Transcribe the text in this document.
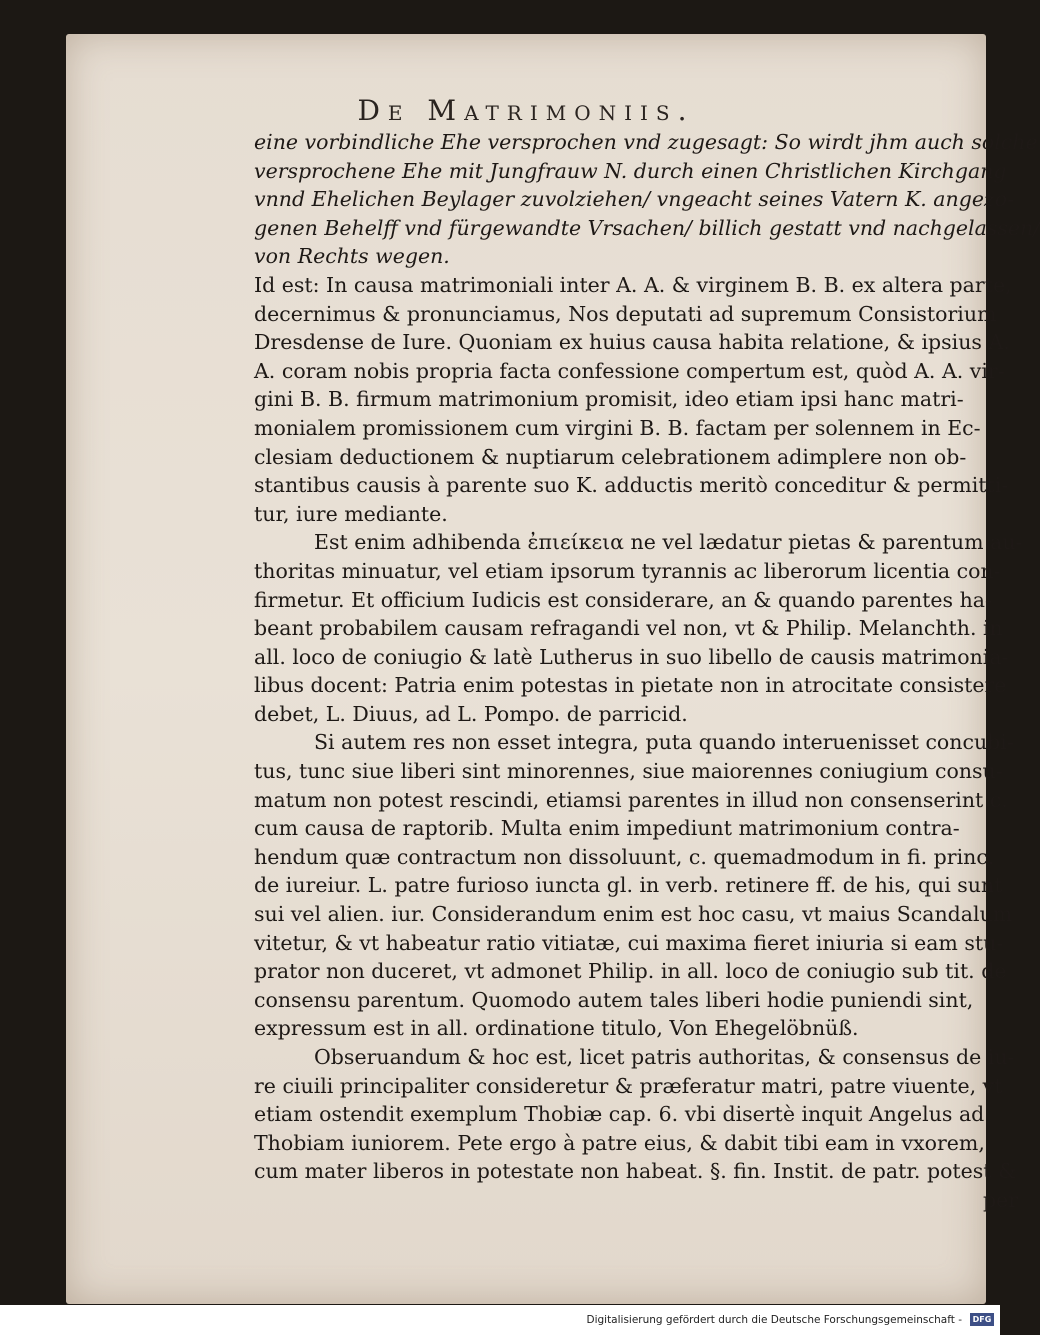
De Matrimoniis.
eine vorbindliche Ehe versprochen vnd zugesagt: So wirdt jhm auch solche
versprochene Ehe mit Jungfrauw N. durch einen Christlichen Kirchgang
vnnd Ehelichen Beylager zuvolziehen/ vngeacht seines Vatern K. angezo-
genen Behelff vnd fürgewandte Vrsachen/ billich gestatt vnd nachgelassen/
von Rechts wegen.
Id est: In causa matrimoniali inter A. A. & virginem B. B. ex altera parte,
decernimus & pronunciamus, Nos deputati ad supremum Consistorium
Dresdense de Iure. Quoniam ex huius causa habita relatione, & ipsius A.
A. coram nobis propria facta confessione compertum est, quòd A. A. vir-
gini B. B. firmum matrimonium promisit, ideo etiam ipsi hanc matri-
monialem promissionem cum virgini B. B. factam per solennem in Ec-
clesiam deductionem & nuptiarum celebrationem adimplere non ob-
stantibus causis à parente suo K. adductis meritò conceditur & permitti-
tur, iure mediante.
Est enim adhibenda ἐπιείκεια ne vel lædatur pietas & parentum au-
thoritas minuatur, vel etiam ipsorum tyrannis ac liberorum licentia con-
firmetur. Et officium Iudicis est considerare, an & quando parentes ha-
beant probabilem causam refragandi vel non, vt & Philip. Melanchth. in
all. loco de coniugio & latè Lutherus in suo libello de causis matrimonia-
libus docent: Patria enim potestas in pietate non in atrocitate consistere
debet, L. Diuus, ad L. Pompo. de parricid.
Si autem res non esset integra, puta quando interuenisset concubi-
tus, tunc siue liberi sint minorennes, siue maiorennes coniugium consu-
matum non potest rescindi, etiamsi parentes in illud non consenserint c.
cum causa de raptorib. Multa enim impediunt matrimonium contra-
hendum quæ contractum non dissoluunt, c. quemadmodum in fi. princ.
de iureiur. L. patre furioso iuncta gl. in verb. retinere ff. de his, qui sunt
sui vel alien. iur. Considerandum enim est hoc casu, vt maius Scandalum
vitetur, & vt habeatur ratio vitiatæ, cui maxima fieret iniuria si eam stu-
prator non duceret, vt admonet Philip. in all. loco de coniugio sub tit. de
consensu parentum. Quomodo autem tales liberi hodie puniendi sint,
expressum est in all. ordinatione titulo, Von Ehegelöbnüß.
Obseruandum & hoc est, licet patris authoritas, & consensus de iu-
re ciuili principaliter consideretur & præferatur matri, patre viuente, vt
etiam ostendit exemplum Thobiæ cap. 6. vbi disertè inquit Angelus ad
Thobiam iuniorem. Pete ergo à patre eius, & dabit tibi eam in vxorem,
cum mater liberos in potestate non habeat. §. fin. Instit. de patr. potest &
per
Digitalisierung gefördert durch die Deutsche Forschungsgemeinschaft -	DFG
